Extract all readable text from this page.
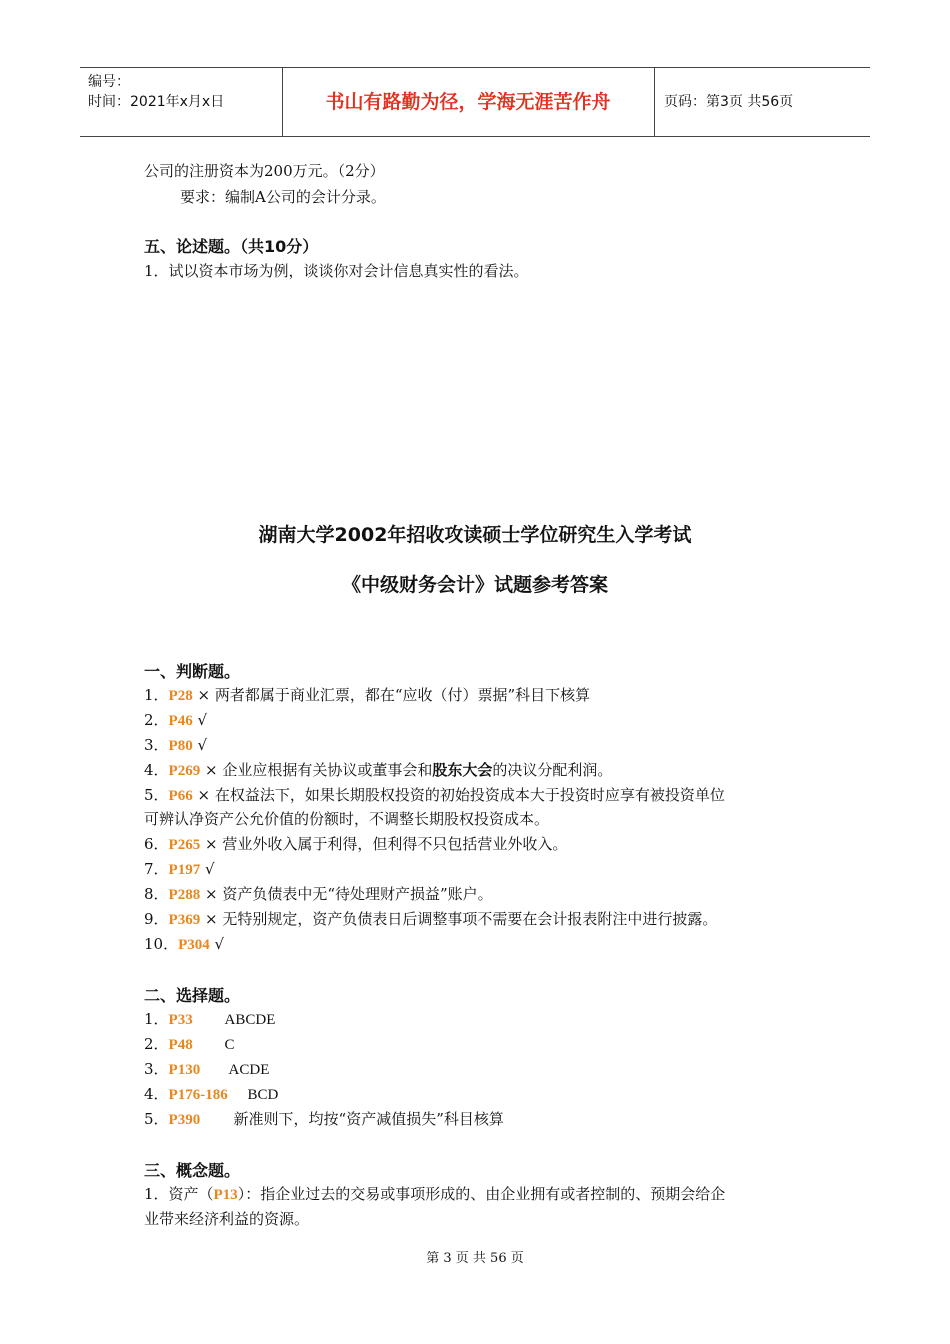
编号：
时间：2021年x月x日	书山有路勤为径，学海无涯苦作舟	页码：第3页 共56页
公司的注册资本为200万元。（2分）
要求：编制A公司的会计分录。
五、论述题。（共10分）
1．试以资本市场为例，谈谈你对会计信息真实性的看法。
湖南大学2002年招收攻读硕士学位研究生入学考试
《中级财务会计》试题参考答案
一、判断题。
1．P28 × 两者都属于商业汇票，都在“应收（付）票据”科目下核算
2．P46 √
3．P80 √
4．P269 × 企业应根据有关协议或董事会和股东大会的决议分配利润。
5．P66 × 在权益法下，如果长期股权投资的初始投资成本大于投资时应享有被投资单位
可辨认净资产公允价值的份额时，不调整长期股权投资成本。
6．P265 × 营业外收入属于利得，但利得不只包括营业外收入。
7．P197 √
8．P288 × 资产负债表中无“待处理财产损益”账户。
9．P369 × 无特别规定，资产负债表日后调整事项不需要在会计报表附注中进行披露。
10．P304 √
二、选择题。
1．P33 ABCDE
2．P48 C
3．P130 ACDE
4．P176-186 BCD
5．P390 新准则下，均按“资产减值损失”科目核算
三、概念题。
1．资产（P13）：指企业过去的交易或事项形成的、由企业拥有或者控制的、预期会给企
业带来经济利益的资源。
第 3 页 共 56 页
